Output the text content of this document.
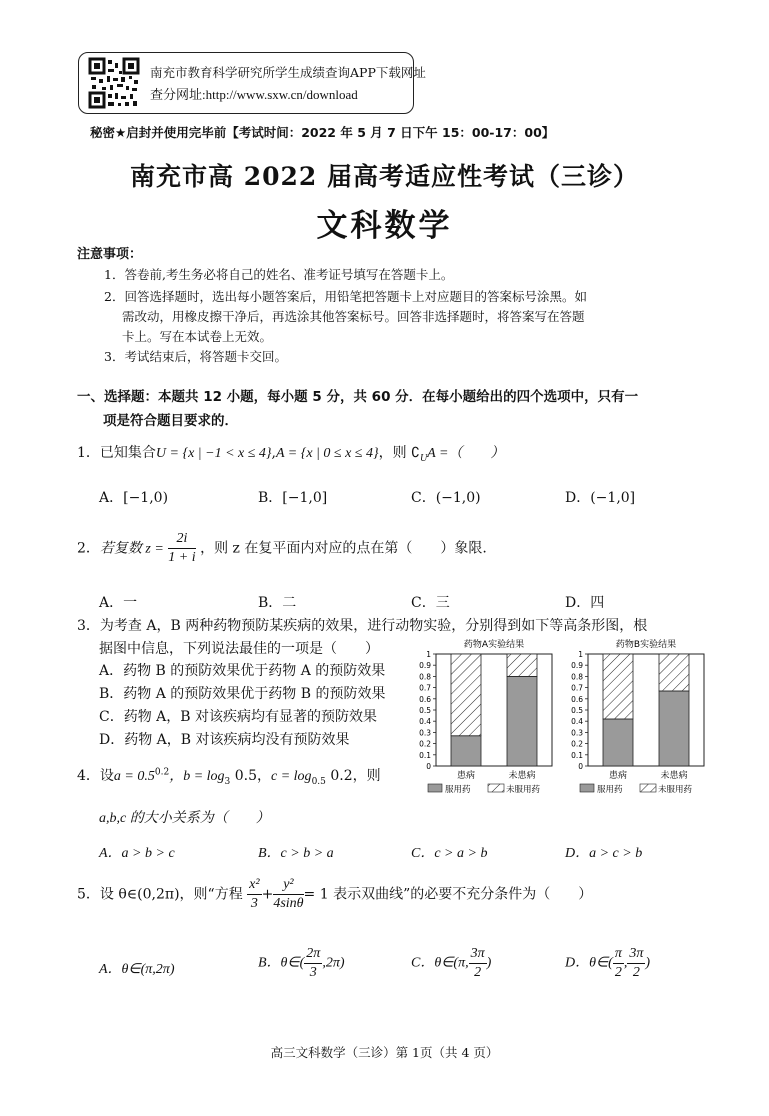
南充市教育科学研究所学生成绩查询APP下载网址
查分网址:http://www.sxw.cn/download
秘密★启封并使用完毕前【考试时间：2022 年 5 月 7 日下午 15：00-17：00】
南充市高 2022 届高考适应性考试（三诊）
文科数学
注意事项：
1．答卷前,考生务必将自己的姓名、准考证号填写在答题卡上。
2．回答选择题时，选出每小题答案后，用铅笔把答题卡上对应题目的答案标号涂黑。如
需改动，用橡皮擦干净后，再选涂其他答案标号。回答非选择题时，将答案写在答题
卡上。写在本试卷上无效。
3．考试结束后，将答题卡交回。
一、选择题：本题共 12 小题，每小题 5 分，共 60 分．在每小题给出的四个选项中，只有一
项是符合题目要求的．
1．已知集合U = {x | −1 < x ≤ 4},A = {x | 0 ≤ x ≤ 4}，则 $∁_UA$ =（　　）
A．[−1,0)	B．[−1,0]	C．(−1,0)	D．(−1,0]
2．若复数 $z = \frac{2i}{1 + i}$ ，则 z 在复平面内对应的点在第（　　）象限.
A．一	B．二	C．三	D．四
3．为考查 A，B 两种药物预防某疾病的效果，进行动物实验，分别得到如下等高条形图，根
据图中信息，下列说法最佳的一项是（　　）
A．药物 B 的预防效果优于药物 A 的预防效果
B．药物 A 的预防效果优于药物 B 的预防效果
C．药物 A，B 对该疾病均有显著的预防效果
D．药物 A，B 对该疾病均没有预防效果
药物A实验结果
0
0.1
0.2
0.3
0.4
0.5
0.6
0.7
0.8
0.9
1
患病	未患病
服用药	未服用药
药物B实验结果
0
0.1
0.2
0.3
0.4
0.5
0.6
0.7
0.8
0.9
1
患病	未患病
服用药	未服用药
4．设$a = 0.5^{0.2}$，$b = \log_3 0.5$，$c = \log_{0.5} 0.2$，则
a,b,c 的大小关系为（　　）
A．a > b > c	B．c > b > a	C．c > a > b	D．a > c > b
5．设 θ∈(0,2π)，则“方程 $\frac{\text{x²}}{3} + \frac{\text{y²}}{4\sin\theta} = 1$ 表示双曲线”的必要不充分条件为（　　）
A．θ∈(π,2π)	B．θ∈( $\frac{2\pi}{3} ,2\pi$)	C．θ∈(π, $\frac{3\pi}{2}$ )	D．θ∈( $\frac{\pi}{2}$ , $\frac{3\pi}{2}$ )
高三文科数学（三诊）第 1页（共 4 页）
